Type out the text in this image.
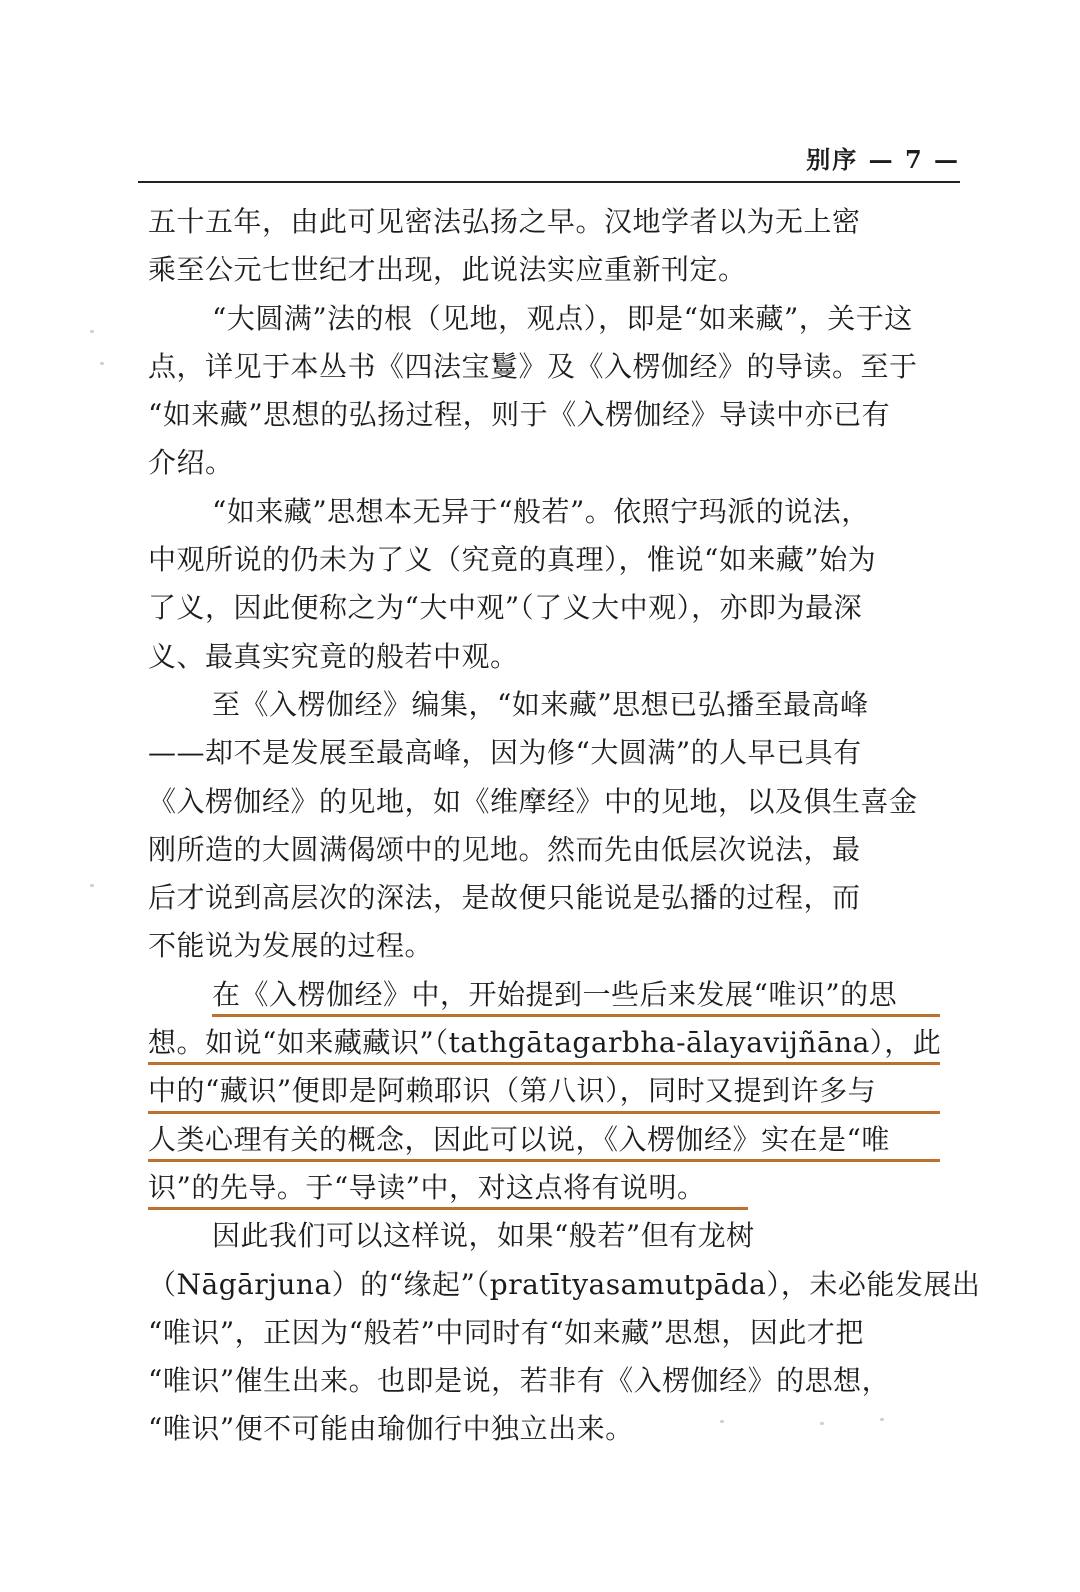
别序 — 7 —
五十五年，由此可见密法弘扬之早。汉地学者以为无上密
乘至公元七世纪才出现，此说法实应重新刊定。
“大圆满”法的根（见地，观点），即是“如来藏”，关于这
点，详见于本丛书《四法宝鬘》及《入楞伽经》的导读。至于
“如来藏”思想的弘扬过程，则于《入楞伽经》导读中亦已有
介绍。
“如来藏”思想本无异于“般若”。依照宁玛派的说法，
中观所说的仍未为了义（究竟的真理），惟说“如来藏”始为
了义，因此便称之为“大中观”（了义大中观），亦即为最深
义、最真实究竟的般若中观。
至《入楞伽经》编集，“如来藏”思想已弘播至最高峰
——却不是发展至最高峰，因为修“大圆满”的人早已具有
《入楞伽经》的见地，如《维摩经》中的见地，以及俱生喜金
刚所造的大圆满偈颂中的见地。然而先由低层次说法，最
后才说到高层次的深法，是故便只能说是弘播的过程，而
不能说为发展的过程。
在《入楞伽经》中，开始提到一些后来发展“唯识”的思
想。如说“如来藏藏识”（tathgātagarbha-ālayavijñāna），此
中的“藏识”便即是阿赖耶识（第八识），同时又提到许多与
人类心理有关的概念，因此可以说，《入楞伽经》实在是“唯
识”的先导。于“导读”中，对这点将有说明。
因此我们可以这样说，如果“般若”但有龙树
（Nāgārjuna）的“缘起”（pratītyasamutpāda），未必能发展出
“唯识”，正因为“般若”中同时有“如来藏”思想，因此才把
“唯识”催生出来。也即是说，若非有《入楞伽经》的思想，
“唯识”便不可能由瑜伽行中独立出来。
